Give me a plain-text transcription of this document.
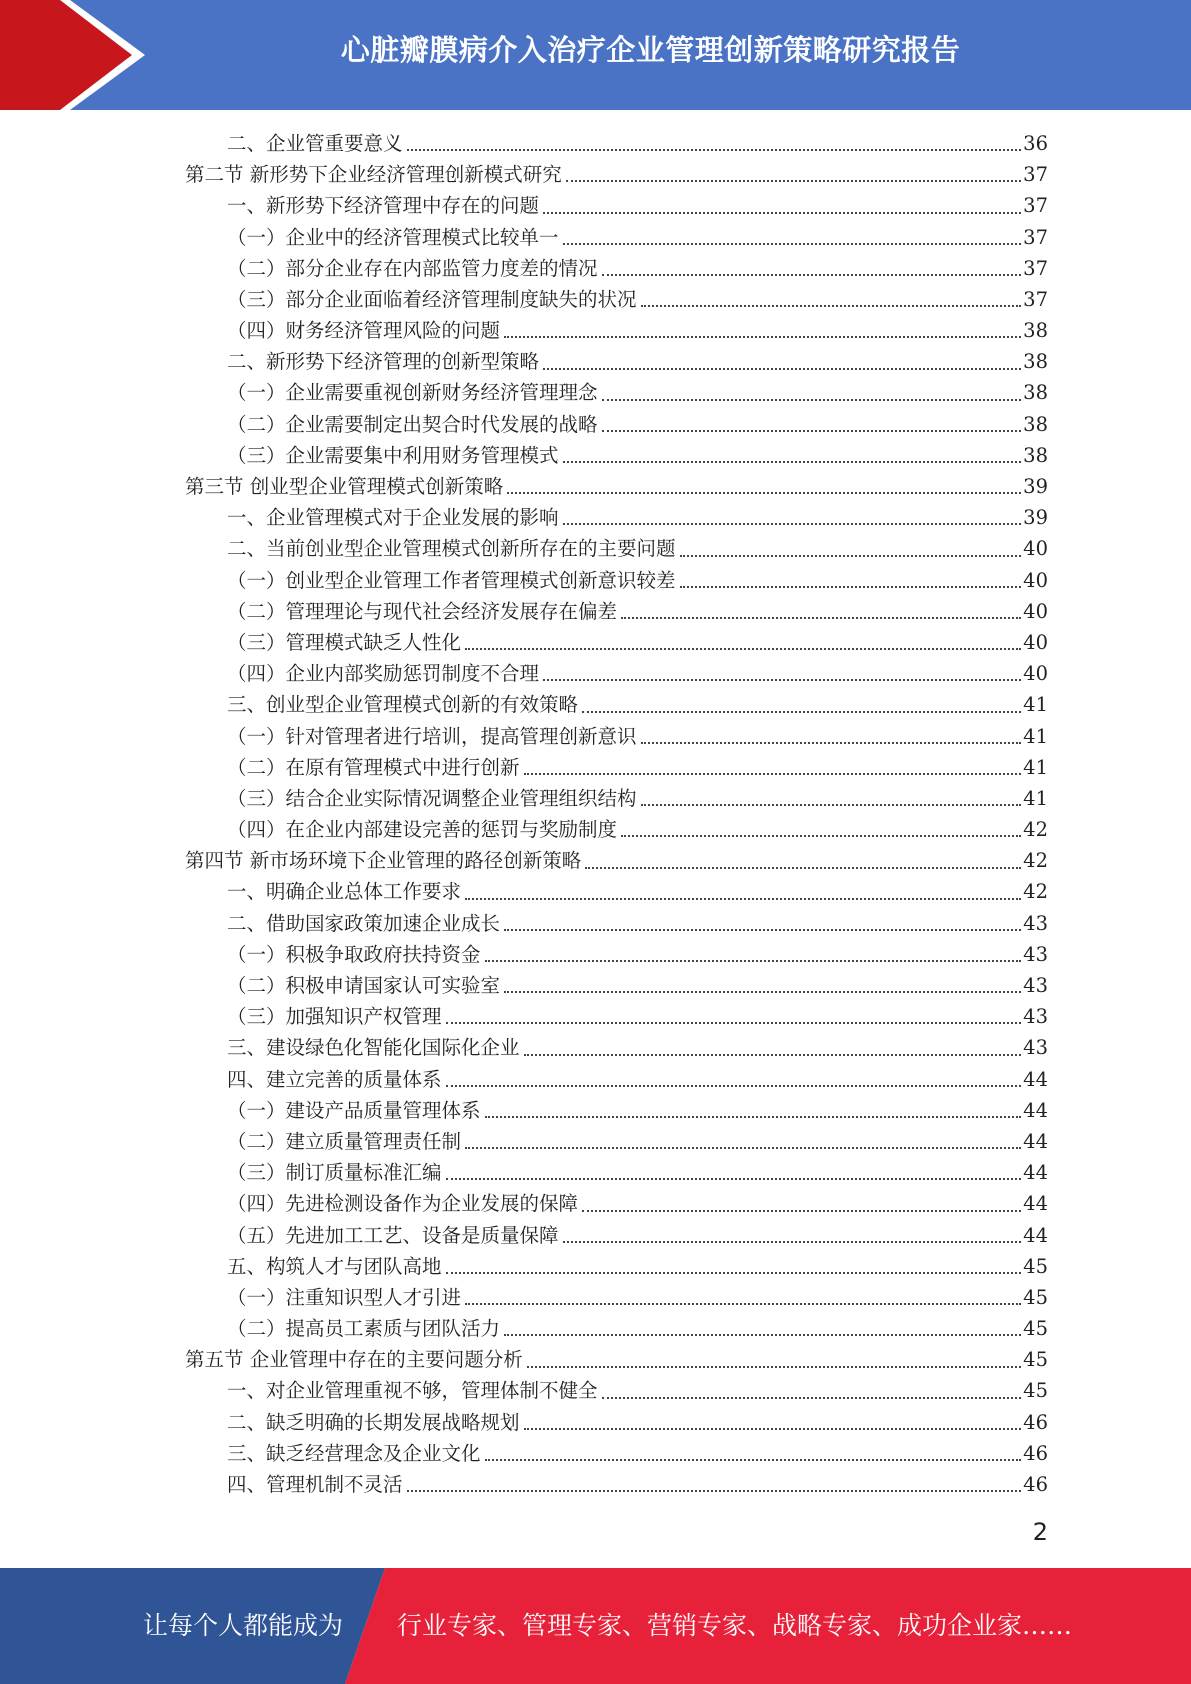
心脏瓣膜病介入治疗企业管理创新策略研究报告
二、企业管重要意义	36
第二节 新形势下企业经济管理创新模式研究	37
一、新形势下经济管理中存在的问题	37
（一）企业中的经济管理模式比较单一	37
（二）部分企业存在内部监管力度差的情况	37
（三）部分企业面临着经济管理制度缺失的状况	37
（四）财务经济管理风险的问题	38
二、新形势下经济管理的创新型策略	38
（一）企业需要重视创新财务经济管理理念	38
（二）企业需要制定出契合时代发展的战略	38
（三）企业需要集中利用财务管理模式	38
第三节 创业型企业管理模式创新策略	39
一、企业管理模式对于企业发展的影响	39
二、当前创业型企业管理模式创新所存在的主要问题	40
（一）创业型企业管理工作者管理模式创新意识较差	40
（二）管理理论与现代社会经济发展存在偏差	40
（三）管理模式缺乏人性化	40
（四）企业内部奖励惩罚制度不合理	40
三、创业型企业管理模式创新的有效策略	41
（一）针对管理者进行培训，提高管理创新意识	41
（二）在原有管理模式中进行创新	41
（三）结合企业实际情况调整企业管理组织结构	41
（四）在企业内部建设完善的惩罚与奖励制度	42
第四节 新市场环境下企业管理的路径创新策略	42
一、明确企业总体工作要求	42
二、借助国家政策加速企业成长	43
（一）积极争取政府扶持资金	43
（二）积极申请国家认可实验室	43
（三）加强知识产权管理	43
三、建设绿色化智能化国际化企业	43
四、建立完善的质量体系	44
（一）建设产品质量管理体系	44
（二）建立质量管理责任制	44
（三）制订质量标准汇编	44
（四）先进检测设备作为企业发展的保障	44
（五）先进加工工艺、设备是质量保障	44
五、构筑人才与团队高地	45
（一）注重知识型人才引进	45
（二）提高员工素质与团队活力	45
第五节 企业管理中存在的主要问题分析	45
一、对企业管理重视不够，管理体制不健全	45
二、缺乏明确的长期发展战略规划	46
三、缺乏经营理念及企业文化	46
四、管理机制不灵活	46
2
让每个人都能成为 行业专家、管理专家、营销专家、战略专家、成功企业家……
